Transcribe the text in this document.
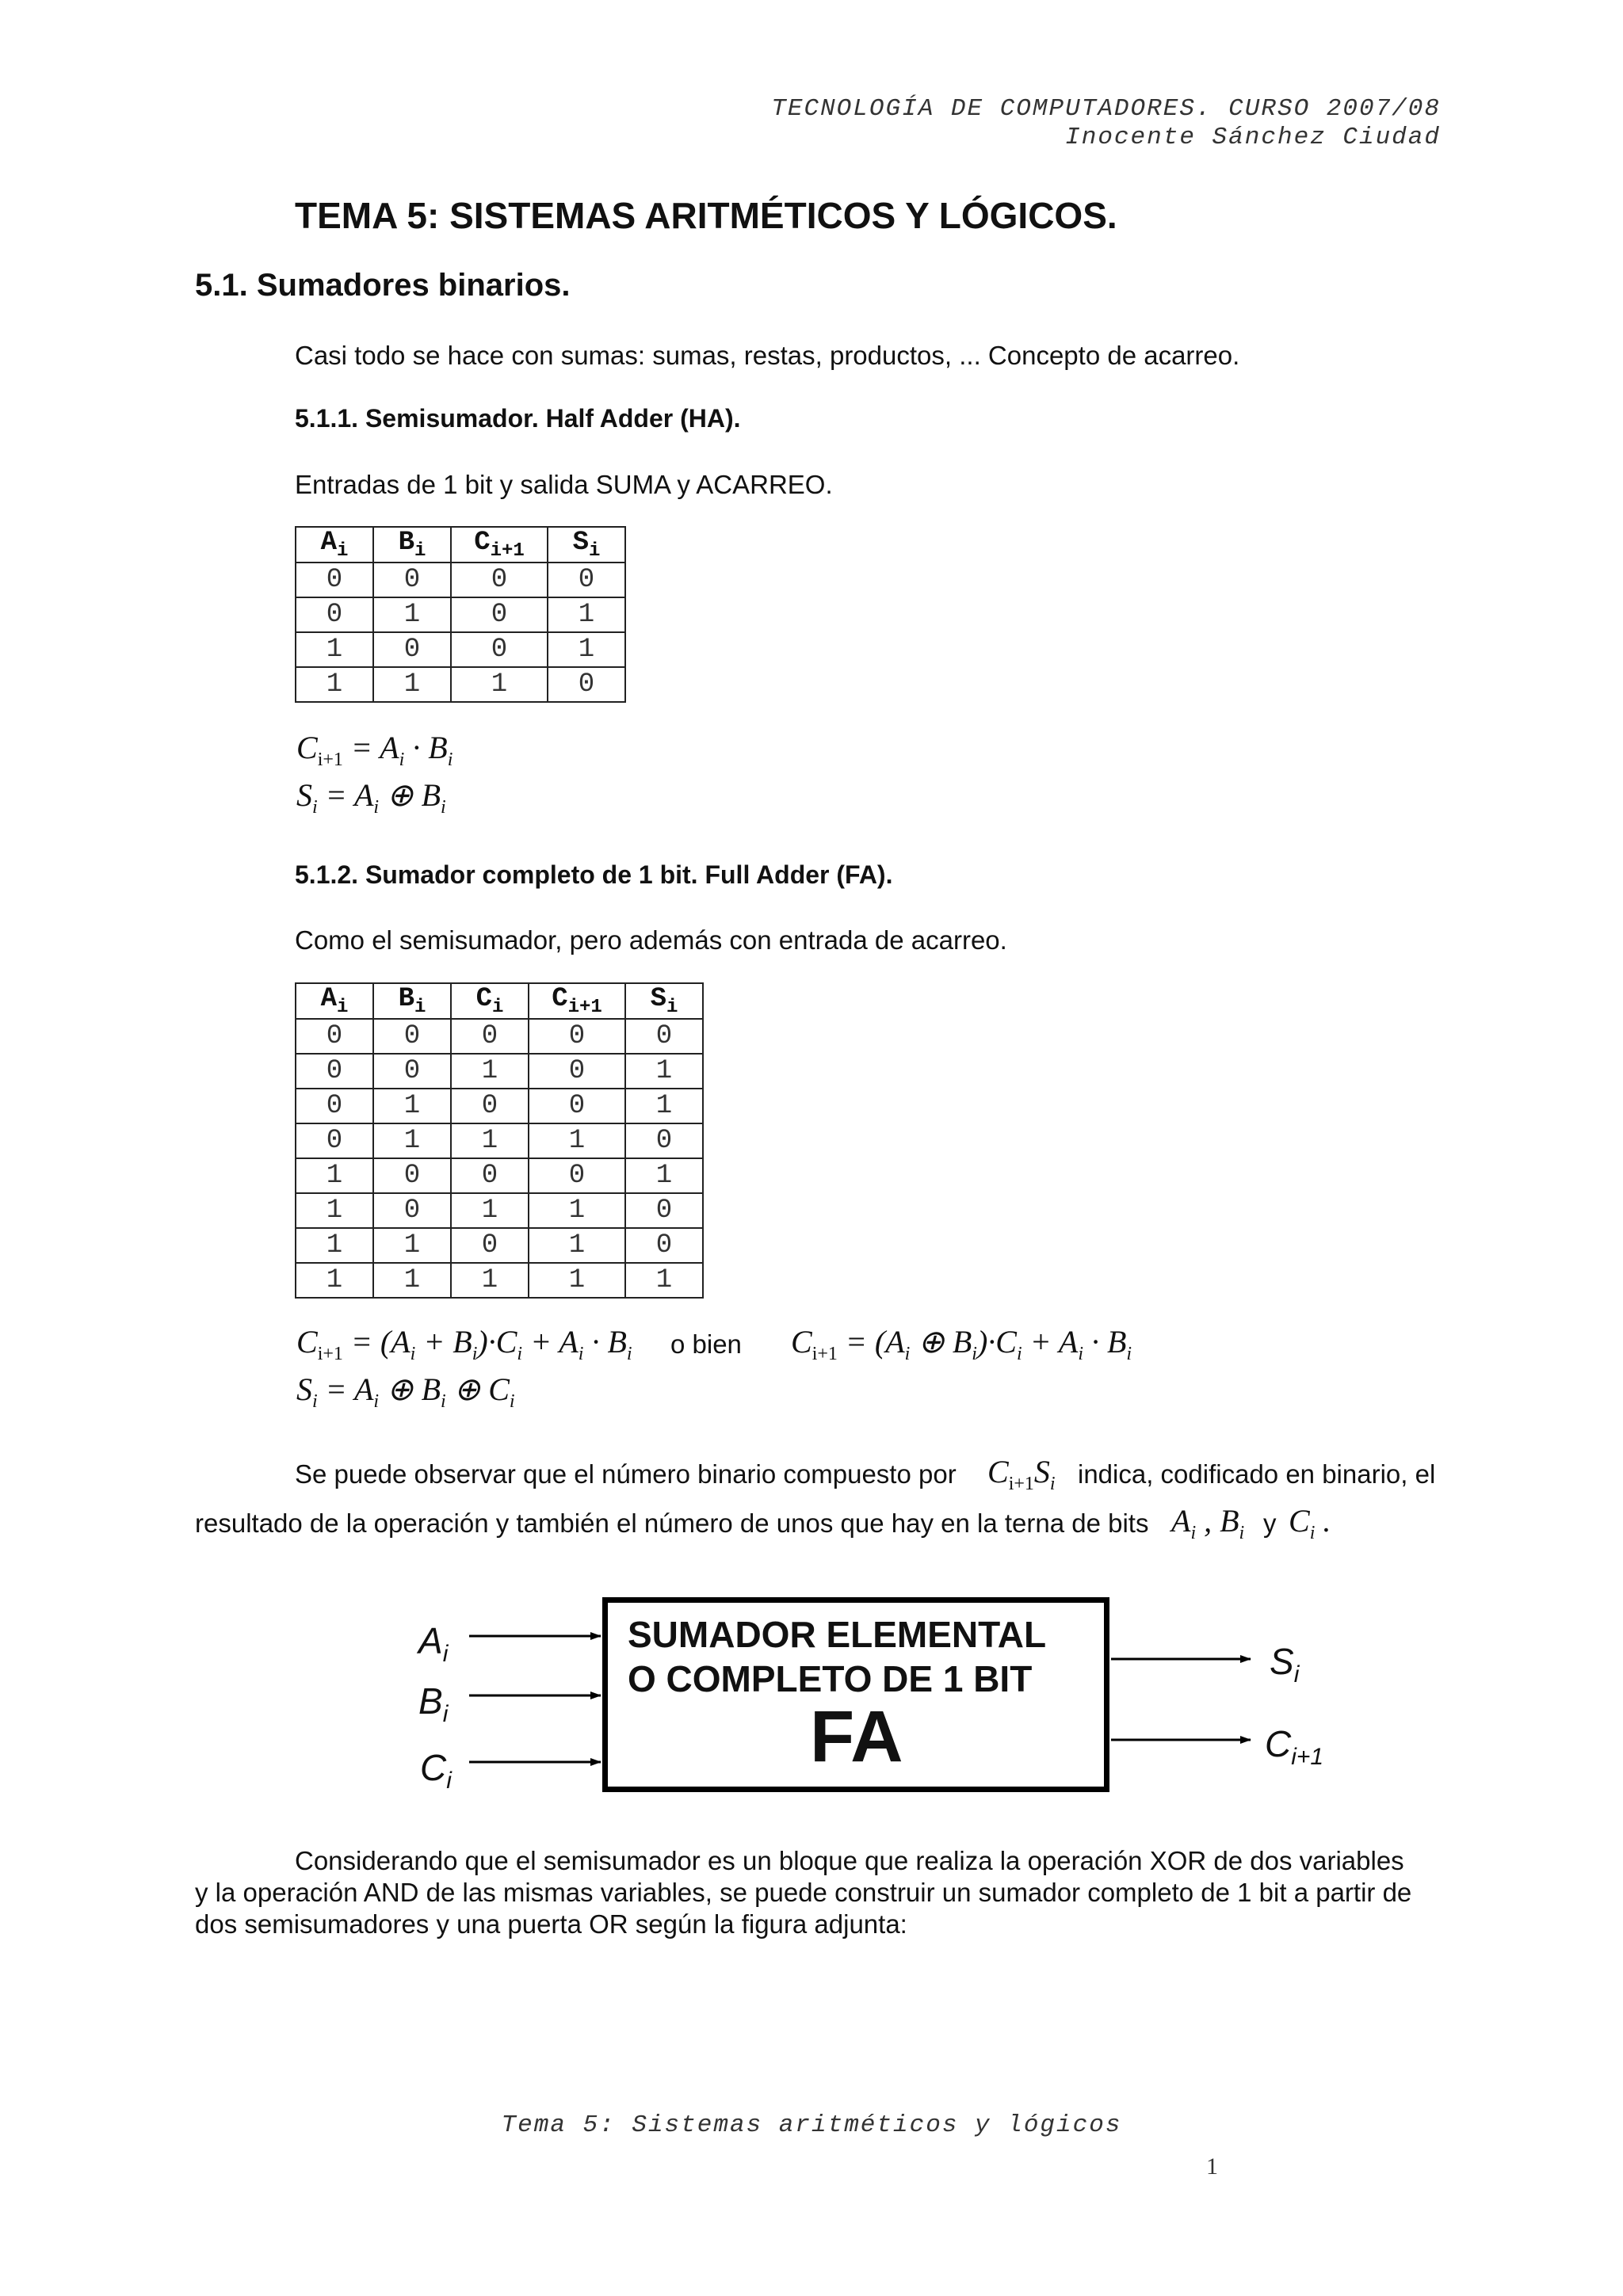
TECNOLOGÍA DE COMPUTADORES. CURSO 2007/08
Inocente Sánchez Ciudad
TEMA 5: SISTEMAS ARITMÉTICOS Y LÓGICOS.
5.1. Sumadores binarios.
Casi todo se hace con sumas: sumas, restas, productos, ... Concepto de acarreo.
5.1.1. Semisumador. Half Adder (HA).
Entradas de 1 bit y salida SUMA y ACARREO.
$A_i$	$B_i$	$C_{i+1}$	$S_i$
0	0	0	0
0	1	0	1
1	0	0	1
1	1	1	0
$C_{i+1} = A_i \cdot B_i$
$S_i = A_i$ ⊕ $B_i$
5.1.2. Sumador completo de 1 bit. Full Adder (FA).
Como el semisumador, pero además con entrada de acarreo.
$A_i$	$B_i$	$C_i$	$C_{i+1}$	$S_i$
0	0	0	0	0
0	0	1	0	1
0	1	0	0	1
0	1	1	1	0
1	0	0	0	1
1	0	1	1	0
1	1	0	1	0
1	1	1	1	1
$C_{i+1} = (A_i + B_i)\cdot C_i + A_i \cdot B_i$ o bien $C_{i+1} = (A_i$ ⊕ $B_i)\cdot C_i + A_i \cdot B_i$
$S_i = A_i$ ⊕ $B_i$ ⊕ $C_i$
Se puede observar que el número binario compuesto por $C_{i+1}S_i$ indica, codificado en binario, el
resultado de la operación y también el número de unos que hay en la terna de bits $A_i$ , $B_i$ y $C_i$ .
SUMADOR ELEMENTAL
O COMPLETO DE 1 BIT
FA
$A_i$
$B_i$
$C_i$
$S_i$
$C_{i+1}$
Considerando que el semisumador es un bloque que realiza la operación XOR de dos variables
y la operación AND de las mismas variables, se puede construir un sumador completo de 1 bit a partir de
dos semisumadores y una puerta OR según la figura adjunta:
Tema 5: Sistemas aritméticos y lógicos
1
